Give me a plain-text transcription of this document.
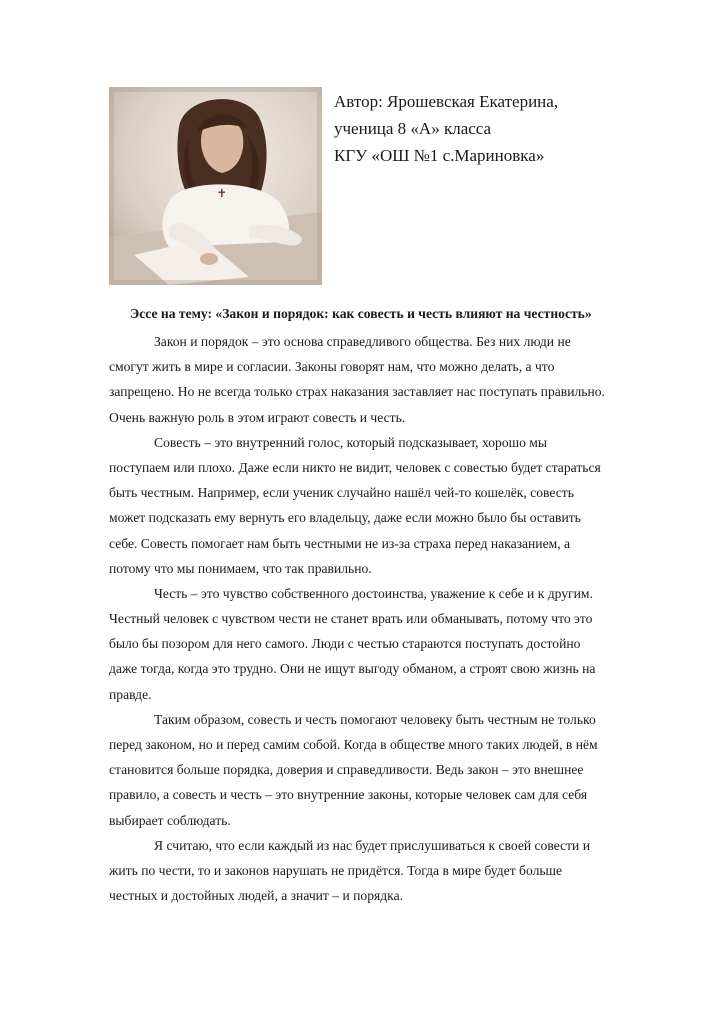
Автор: Ярошевская Екатерина,
ученица 8 «А» класса
КГУ «ОШ №1 с.Мариновка»
Эссе на тему: «Закон и порядок: как совесть и честь влияют на честность»
Закон и порядок – это основа справедливого общества. Без них люди не
смогут жить в мире и согласии. Законы говорят нам, что можно делать, а что
запрещено. Но не всегда только страх наказания заставляет нас поступать правильно.
Очень важную роль в этом играют совесть и честь.
Совесть – это внутренний голос, который подсказывает, хорошо мы
поступаем или плохо. Даже если никто не видит, человек с совестью будет стараться
быть честным. Например, если ученик случайно нашёл чей-то кошелёк, совесть
может подсказать ему вернуть его владельцу, даже если можно было бы оставить
себе. Совесть помогает нам быть честными не из-за страха перед наказанием, а
потому что мы понимаем, что так правильно.
Честь – это чувство собственного достоинства, уважение к себе и к другим.
Честный человек с чувством чести не станет врать или обманывать, потому что это
было бы позором для него самого. Люди с честью стараются поступать достойно
даже тогда, когда это трудно. Они не ищут выгоду обманом, а строят свою жизнь на
правде.
Таким образом, совесть и честь помогают человеку быть честным не только
перед законом, но и перед самим собой. Когда в обществе много таких людей, в нём
становится больше порядка, доверия и справедливости. Ведь закон – это внешнее
правило, а совесть и честь – это внутренние законы, которые человек сам для себя
выбирает соблюдать.
Я считаю, что если каждый из нас будет прислушиваться к своей совести и
жить по чести, то и законов нарушать не придётся. Тогда в мире будет больше
честных и достойных людей, а значит – и порядка.
